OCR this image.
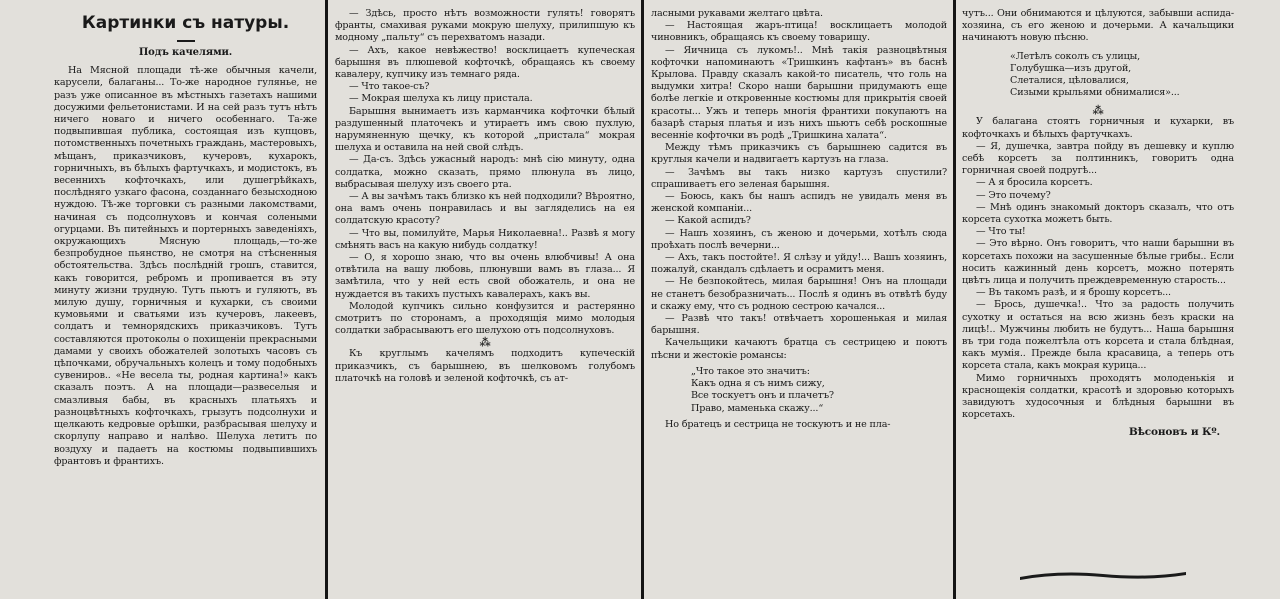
Картинки съ натуры.
Подъ качелями.

На Мясной площади тѣ-же обычныя качели, карусели, балаганы... То-же народное гулянье, не разъ уже описанное въ мѣстныхъ газетахъ нашими досужими фельетонистами. И на сей разъ тутъ нѣтъ ничего новаго и ничего особеннаго. Та-же подвыпившая публика, состоящая изъ купцовъ, потомственныхъ почетныхъ граждань, мастеровыхъ, мѣщанъ, приказчиковъ, кучеровъ, кухарокъ, горничныхъ, въ бѣлыхъ фартучкахъ, и модистокъ, въ весеннихъ кофточкахъ, или душегрѣйкахъ, послѣдняго узкаго фасона, созданнаго безысходною нуждою. Тѣ-же торговки съ разными лакомствами, начиная съ подсолнуховъ и кончая солеными огурцами. Въ питейныхъ и портерныхъ заведеніяхъ, окружающихъ Мясную площадь,—то-же безпробудное пьянство, не смотря на стѣсненныя обстоятельства. Здѣсь послѣдній грошъ, ставится, какъ говорится, ребромъ и пропивается въ эту минуту жизни трудную. Тутъ пьютъ и гуляютъ, въ милую душу, горничныя и кухарки, съ своими кумовьями и сватьями изъ кучеровъ, лакеевъ, солдатъ и темнорядскихъ приказчиковъ. Тутъ составляются протоколы о похищеніи прекрасными дамами у своихъ обожателей золотыхъ часовъ съ цѣпочками, обручальныхъ колецъ и тому подобныхъ сувениров.. «Не весела ты, родная картина!» какъ сказалъ поэтъ. А на площади—развеселыя и смазливыя бабы, въ красныхъ платьяхъ и разноцвѣтныхъ кофточкахъ, грызутъ подсолнухи и щелкають кедровые орѣшки, разбрасывая шелуху и скорлупу направо и налѣво. Шелуха летитъ по воздуху и падаетъ на костюмы подвыпившихъ франтовъ и франтихъ.

— Здѣсь, просто нѣтъ возможности гулять! говорятъ франты, смахивая руками мокрую шелуху, прилипшую къ модному „пальту“ съ перехватомъ назади.

— Ахъ, какое невѣжество! восклицаетъ купеческая барышня въ плюшевой кофточкѣ, обращаясь къ своему кавалеру, купчику изъ темнаго ряда.

— Что такое-съ?

— Мокрая шелуха къ лицу пристала.

Барышня вынимаетъ изъ карманчика кофточки бѣлый раздушенный платочекъ и утираетъ имъ свою пухлую, нарумяненную щечку, къ которой „пристала“ мокрая шелуха и оставила на ней свой слѣдъ.

— Да-съ. Здѣсь ужасный народъ: мнѣ сію минуту, одна солдатка, можно сказать, прямо плюнула въ лицо, выбрасывая шелуху изъ своего рта.

— А вы зачѣмъ такъ близко къ ней подходили? Вѣроятно, она вамъ очень понравилась и вы загляделись на ея солдатскую красоту?

— Что вы, помилуйте, Марья Николаевна!.. Развѣ я могу смѣнять васъ на какую нибудь солдатку!

— О, я хорошо знаю, что вы очень влюбчивы! А она отвѣтила на вашу любовь, плюнувши вамъ въ глаза... Я замѣтила, что у ней есть свой обожатель, и она не нуждается въ такихъ пустыхъ кавалерахъ, какъ вы.

Молодой купчикъ сильно конфузится и растерянно смотритъ по сторонамъ, а проходящія мимо молодыя солдатки забрасываютъ его шелухою отъ подсолнуховъ.

⁂

Къ круглымъ качелямъ подходитъ купеческій приказчикъ, съ барышнею, въ шелковомъ голубомъ платочкѣ на головѣ и зеленой кофточкѣ, съ ат-

ласными рукавами желтаго цвѣта.

— Настоящая жаръ-птица! восклицаетъ молодой чиновникъ, обращаясь къ своему товарищу.

— Яичница съ лукомъ!.. Мнѣ такія разноцвѣтныя кофточки напоминаютъ «Тришкинъ кафтанъ» въ баснѣ Крылова. Правду сказалъ какой-то писатель, что голь на выдумки хитра! Скоро наши барышни придумаютъ еще болѣе легкіе и откровенные костюмы для прикрытія своей красоты... Ужъ и теперь многія франтихи покупаютъ на базарѣ старыя платья и изъ нихъ шьютъ себѣ роскошные весенніе кофточки въ родѣ „Тришкина халата“.

Между тѣмъ приказчикъ съ барышнею садится въ круглыя качели и надвигаетъ картузъ на глаза.

— Зачѣмъ вы такъ низко картузъ спустили? спрашиваетъ его зеленая барышня.

— Боюсь, какъ бы нашъ аспидъ не увидалъ меня въ женской компаніи...

— Какой аспидъ?

— Нашъ хозяинъ, съ женою и дочерьми, хотѣлъ сюда проѣхать послѣ вечерни...

— Ахъ, такъ постойте!. Я слѣзу и уйду!... Вашъ хозяинъ, пожалуй, скандалъ сдѣлаетъ и осрамитъ меня.

— Не безпокойтесь, милая барышня! Онъ на площади не станетъ безобразничать... Послѣ я одинъ въ отвѣтѣ буду и скажу ему, что съ родною сестрою качался...

— Развѣ что такъ! отвѣчаетъ хорошенькая и милая барышня.

Качельщики качаютъ братца съ сестрицею и поютъ пѣсни и жестокіе романсы:

„Что такое это значитъ:
Какъ одна я съ нимъ сижу,
Все тоскуетъ онъ и плачетъ?
Право, маменька скажу...“

Но братецъ и сестрица не тоскуютъ и не пла-

чутъ... Они обнимаются и цѣлуются, забывши аспида-хозяина, съ его женою и дочерьми. А качальщики начинаютъ новую пѣсню.

«Летѣлъ соколъ съ улицы,
Голубушка—изъ другой,
Слеталися, цѣловалися,
Сизыми крыльями обнималися»...
⁂

У балагана стоятъ горничныя и кухарки, въ кофточкахъ и бѣлыхъ фартучкахъ.

— Я, душечка, завтра пойду въ дешевку и куплю себѣ корсетъ за полтинникъ, говоритъ одна горничная своей подругѣ...

— А я бросила корсетъ.

— Это почему?

— Мнѣ одинъ знакомый докторъ сказалъ, что отъ корсета сухотка можетъ быть.

— Что ты!

— Это вѣрно. Онъ говоритъ, что наши барышни въ корсетахъ похожи на засушенные бѣлые грибы.. Если носить кажинный день корсетъ, можно потерять цвѣтъ лица и получить преждевременную старость...

— Въ такомъ разѣ, и я брошу корсетъ...

— Брось, душечка!.. Что за радость получить сухотку и остаться на всю жизнь безъ краски на лицѣ!.. Мужчины любить не будутъ... Наша барышня въ три года пожелтѣла отъ корсета и стала блѣдная, какъ мумія.. Прежде была красавица, а теперь отъ корсета стала, какъ мокрая курица...

Мимо горничныхъ проходятъ молоденькія и краснощекія солдатки, красотѣ и здоровью которыхъ завидуютъ худосочныя и блѣдныя барышни въ корсетахъ.

Вѣсоновъ и Кº.
